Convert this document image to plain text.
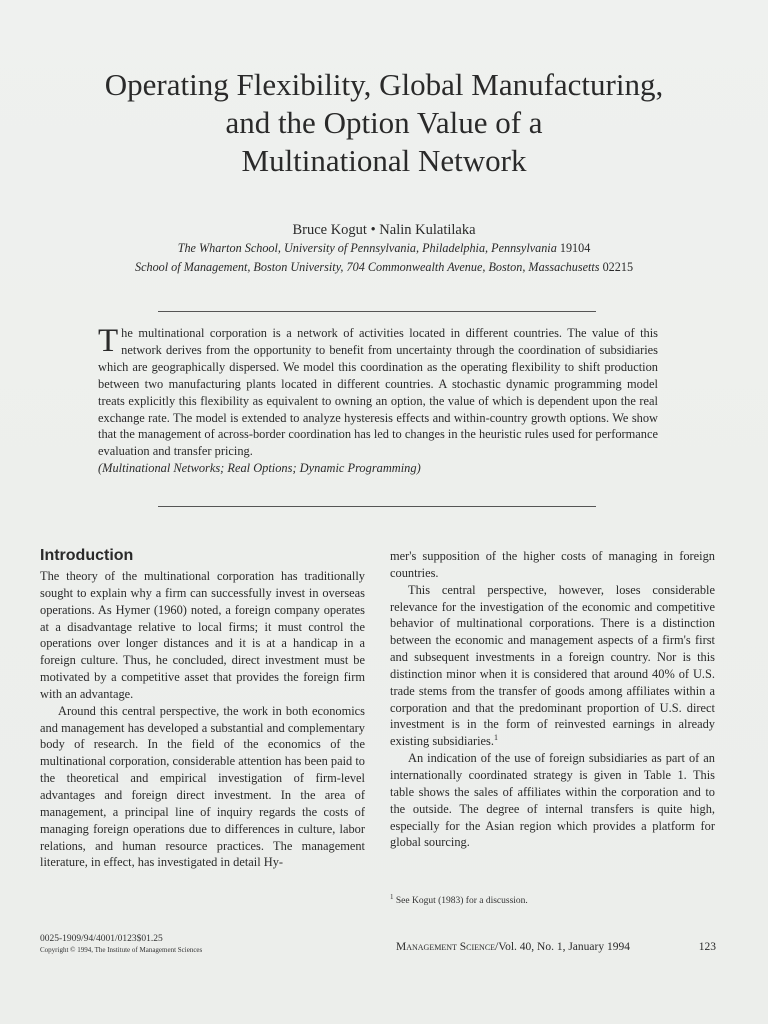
Operating Flexibility, Global Manufacturing,
and the Option Value of a
Multinational Network
Bruce Kogut • Nalin Kulatilaka
The Wharton School, University of Pennsylvania, Philadelphia, Pennsylvania 19104
School of Management, Boston University, 704 Commonwealth Avenue, Boston, Massachusetts 02215
The multinational corporation is a network of activities located in different countries. The value of this network derives from the opportunity to benefit from uncertainty through the coordination of subsidiaries which are geographically dispersed. We model this coordination as the operating flexibility to shift production between two manufacturing plants located in different countries. A stochastic dynamic programming model treats explicitly this flexibility as equivalent to owning an option, the value of which is dependent upon the real exchange rate. The model is extended to analyze hysteresis effects and within-country growth options. We show that the management of across-border coordination has led to changes in the heuristic rules used for performance evaluation and transfer pricing.
(Multinational Networks; Real Options; Dynamic Programming)
Introduction

The theory of the multinational corporation has traditionally sought to explain why a firm can successfully invest in overseas operations. As Hymer (1960) noted, a foreign company operates at a disadvantage relative to local firms; it must control the operations over longer distances and it is at a handicap in a foreign culture. Thus, he concluded, direct investment must be motivated by a competitive asset that provides the foreign firm with an advantage.

Around this central perspective, the work in both economics and management has developed a substantial and complementary body of research. In the field of the economics of the multinational corporation, considerable attention has been paid to the theoretical and empirical investigation of firm-level advantages and foreign direct investment. In the area of management, a principal line of inquiry regards the costs of managing foreign operations due to differences in culture, labor relations, and human resource practices. The management literature, in effect, has investigated in detail Hy-

mer's supposition of the higher costs of managing in foreign countries.

This central perspective, however, loses considerable relevance for the investigation of the economic and competitive behavior of multinational corporations. There is a distinction between the economic and management aspects of a firm's first and subsequent investments in a foreign country. Nor is this distinction minor when it is considered that around 40% of U.S. trade stems from the transfer of goods among affiliates within a corporation and that the predominant proportion of U.S. direct investment is in the form of reinvested earnings in already existing subsidiaries.$^1$

An indication of the use of foreign subsidiaries as part of an internationally coordinated strategy is given in Table 1. This table shows the sales of affiliates within the corporation and to the outside. The degree of internal transfers is quite high, especially for the Asian region which provides a platform for global sourcing.

$^1$ See Kogut (1983) for a discussion.
0025-1909/94/4001/0123$01.25
Copyright © 1994, The Institute of Management Sciences	Management Science/Vol. 40, No. 1, January 1994	123
